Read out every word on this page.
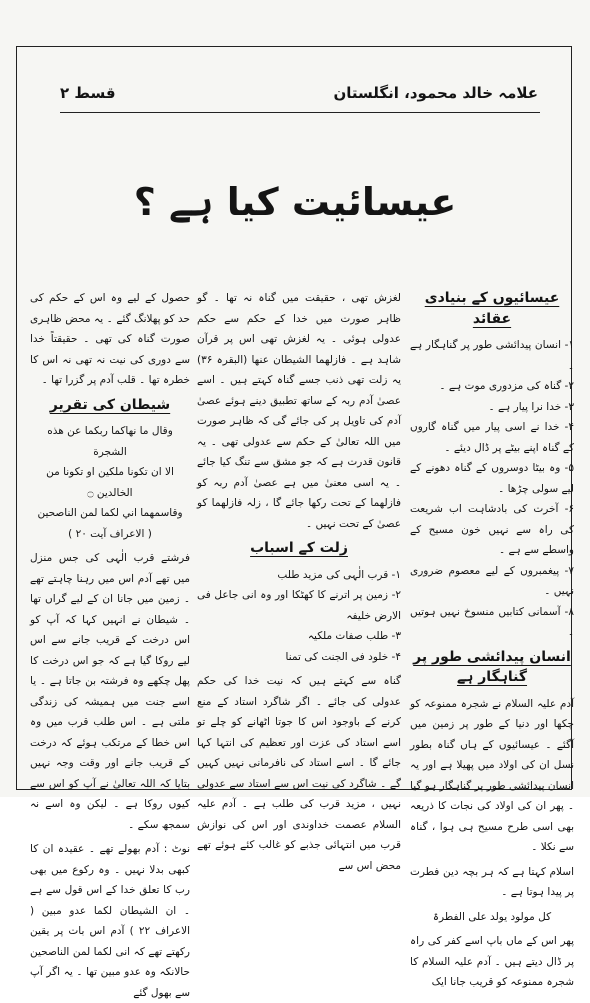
علامہ خالد محمود، انگلستان
قسط ۲
عیسائیت کیا ہے ؟

عیسائیوں کے بنیادی عقائد

۱- انسان پیدائشی طور پر گناہگار ہے ۔
۲- گناہ کی مزدوری موت ہے ۔
۳- خدا نرا پیار ہے ۔
۴- خدا نے اسی پیار میں گناہ گاروں کے گناہ اپنے بیٹے پر ڈال دیئے ۔
۵- وہ بیٹا دوسروں کے گناہ دھونے کے لیے سولی چڑھا ۔
۶- آخرت کی بادشاہت اب شریعت کی راہ سے نہیں خون مسیح کے واسطے سے ہے ۔
۷- پیغمبروں کے لیے معصوم ضروری نہیں ۔
۸- آسمانی کتابیں منسوخ نہیں ہوتیں ۔

انسان پیدائشی طور پر گناہگار ہے

آدم علیہ السلام نے شجرہ ممنوعہ کو چکھا اور دنیا کے طور پر زمین میں آگئے ۔ عیسائیوں کے ہاں گناہ بطور نسل ان کی اولاد میں پھیلا ہے اور یہ انسان پیدائشی طور پر گناہگار ہو گیا ۔ پھر ان کی اولاد کی نجات کا ذریعہ بھی اسی طرح مسیح ہی ہوا ، گناہ سے نکلا ۔

اسلام کہتا ہے کہ ہر بچہ دین فطرت پر پیدا ہوتا ہے ۔

کل مولود یولد علی الفطرۃ

پھر اس کے ماں باپ اسے کفر کی راہ پر ڈال دیتے ہیں ۔ آدم علیہ السلام کا شجرہ ممنوعہ کو قریب جانا ایک

لغزش تھی ، حقیقت میں گناہ نہ تھا ۔ گو ظاہر صورت میں خدا کے حکم سے حکم عدولی ہوئی ۔ یہ لغزش تھی اس پر قرآن شاہد ہے ۔ فازلهما الشيطان عنها (البقرہ ۳۶) یہ زلت تھی ذنب جسے گناہ کہتے ہیں ۔ اسے عصیٰ آدم ربہ کے ساتھ تطبیق دینے ہوئے عصیٰ آدم کی تاویل پر کی جائے گی کہ ظاہر صورت میں اللہ تعالیٰ کے حکم سے عدولی تھی ۔ یہ قانون قدرت ہے کہ جو مشق سے تنگ کیا جائے ۔ یہ اسی معنیٰ میں ہے عصیٰ آدم ربہ کو فازلهما کے تحت رکھا جائے گا ، زلہ فازلهما کو عصیٰ کے تحت نہیں ۔

زلت کے اسباب

۱- قرب الٰہی کی مزید طلب
۲- زمین پر اترنے کا کھٹکا اور وہ انی جاعل فی الارض خلیفہ
۳- طلب صفات ملکیہ
۴- خلود فی الجنت کی تمنا

گناہ سے کہتے ہیں کہ نیت خدا کی حکم عدولی کی جائے ۔ اگر شاگرد استاد کے منع کرنے کے باوجود اس کا جوتا اٹھانے کو چلے تو اسے استاد کی عزت اور تعظیم کی انتہا کہا جائے گا ۔ اسے استاد کی نافرمانی نہیں کہیں گے ۔ شاگرد کی نیت اس سے استاد سے عدولی نہیں ، مزید قرب کی طلب ہے ۔ آدم علیہ السلام عصمت خداوندی اور اس کی نوازش قرب میں انتہائی جذبے کو غالب کئے ہوئے تھے محض اس سے

حصول کے لیے وہ اس کے حکم کی حد کو پھلانگ گئے ۔ یہ محض ظاہری صورت گناہ کی تھی ۔ حقیقتاً خدا سے دوری کی نیت نہ تھی نہ اس کا خطرہ تھا ۔ قلب آدم پر گزرا تھا ۔

شیطان کی تقریر

وقال ما نهاكما ربكما عن هذه الشجرة

الا ان تكونا ملكين او تكونا من الخالدين ۝

وقاسمهما اني لكما لمن الناصحين

( الاعراف آیت ۲۰ )

فرشتے قرب الٰہی کی جس منزل میں تھے آدم اس میں رہنا چاہتے تھے ۔ زمین میں جانا ان کے لیے گراں تھا ۔ شیطان نے انہیں کہا کہ آپ کو اس درخت کے قریب جانے سے اس لیے روکا گیا ہے کہ جو اس درخت کا پھل چکھے وہ فرشتہ بن جاتا ہے ۔ یا اسے جنت میں ہمیشہ کی زندگی ملتی ہے ۔ اس طلب قرب میں وہ اس خطا کے مرتکب ہوئے کہ درخت کے قریب جانے اور وقت وجہ نہیں بتایا کہ اللہ تعالیٰ نے آپ کو اس سے کیوں روکا ہے ۔ لیکن وہ اسے نہ سمجھ سکے ۔

نوٹ : آدم بھولے تھے ۔ عقیدہ ان کا کبھی بدلا نہیں ۔ وہ رکوع میں بھی رب کا تعلق خدا کے اس قول سے ہے ۔ ان الشیطان لکما عدو مبین ( الاعراف ۲۲ ) آدم اس بات پر یقین رکھتے تھے کہ انی لکما لمن الناصحین حالانکہ وہ عدو مبین تھا ۔ یہ اگر آپ سے بھول گئے
